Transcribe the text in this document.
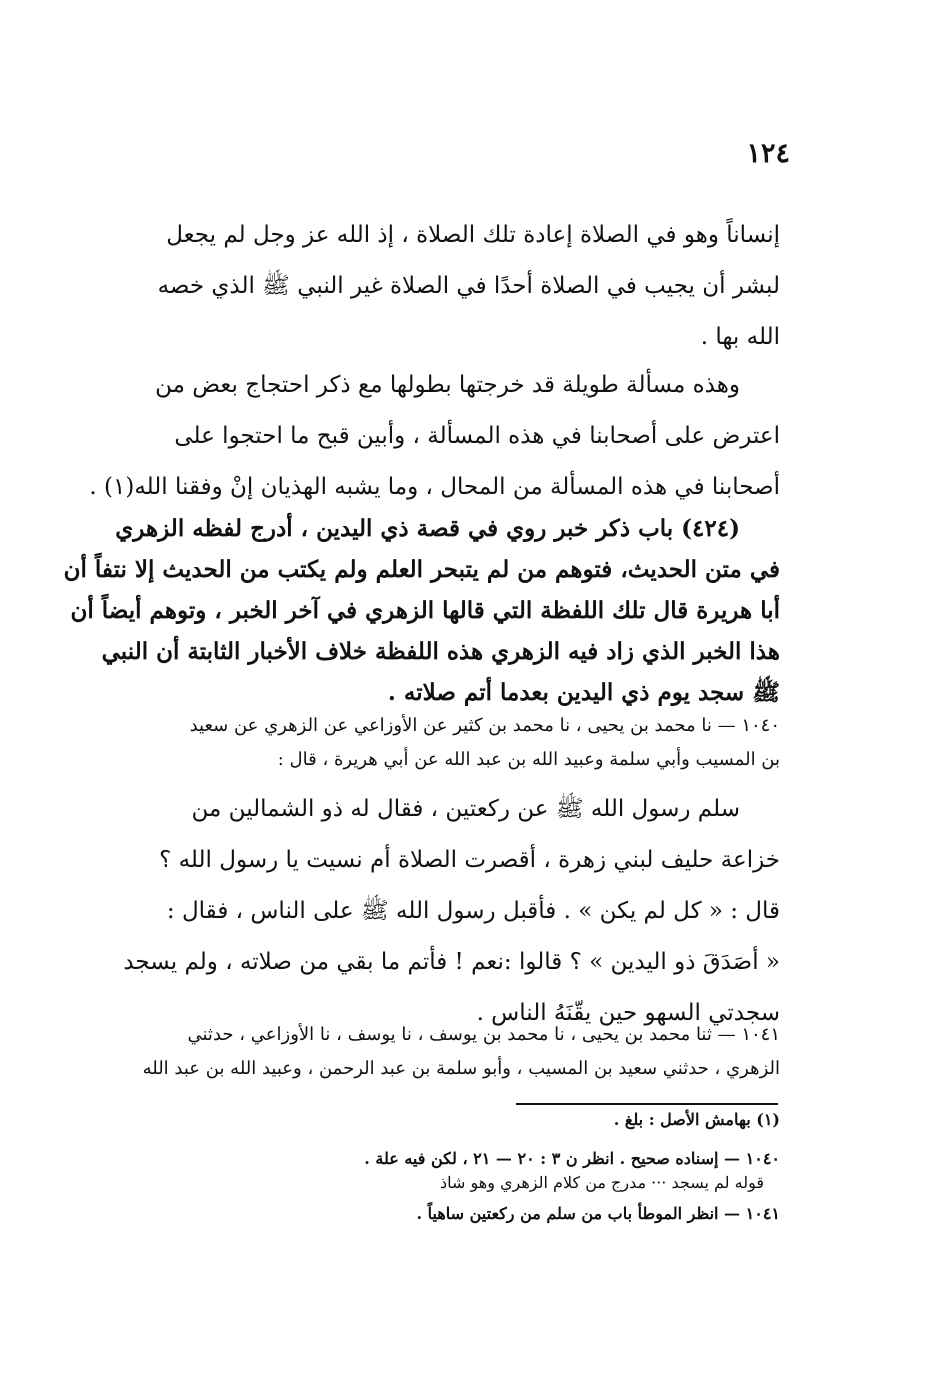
١٢٤
إنساناً وهو في الصلاة إعادة تلك الصلاة ، إذ الله عز وجل لم يجعل
لبشر أن يجيب في الصلاة أحدًا في الصلاة غير النبي ﷺ الذي خصه
الله بها .
وهذه مسألة طويلة قد خرجتها بطولها مع ذكر احتجاج بعض من
اعترض على أصحابنا في هذه المسألة ، وأبين قبح ما احتجوا على
أصحابنا في هذه المسألة من المحال ، وما يشبه الهذيان إنْ وفقنا الله(١) .
(٤٢٤) باب ذكر خبر روي في قصة ذي اليدين ، أدرج لفظه الزهري
في متن الحديث، فتوهم من لم يتبحر العلم ولم يكتب من الحديث إلا نتفاً أن
أبا هريرة قال تلك اللفظة التي قالها الزهري في آخر الخبر ، وتوهم أيضاً أن
هذا الخبر الذي زاد فيه الزهري هذه اللفظة خلاف الأخبار الثابتة أن النبي
ﷺ سجد يوم ذي اليدين بعدما أتم صلاته .
١٠٤٠ — نا محمد بن يحيى ، نا محمد بن كثير عن الأوزاعي عن الزهري عن سعيد
بن المسيب وأبي سلمة وعبيد الله بن عبد الله عن أبي هريرة ، قال :
سلم رسول الله ﷺ عن ركعتين ، فقال له ذو الشمالين من
خزاعة حليف لبني زهرة ، أقصرت الصلاة أم نسيت يا رسول الله ؟
قال : « كل لم يكن » . فأقبل رسول الله ﷺ على الناس ، فقال :
« أصَدَقَ ذو اليدين » ؟ قالوا :نعم ! فأتم ما بقي من صلاته ، ولم يسجد
سجدتي السهو حين يقّنَهُ الناس .
١٠٤١ — ثنا محمد بن يحيى ، نا محمد بن يوسف ، نا يوسف ، نا الأوزاعي ، حدثني
الزهري ، حدثني سعيد بن المسيب ، وأبو سلمة بن عبد الرحمن ، وعبيد الله بن عبد الله
(١) بهامش الأصل : بلغ .
١٠٤٠ — إسناده صحيح . انظر ن ٣ : ٢٠ — ٢١ ، لكن فيه علة .
قوله لم يسجد ··· مدرج من كلام الزهري وهو شاذ
١٠٤١ — انظر الموطأ باب من سلم من ركعتين ساهياً .
